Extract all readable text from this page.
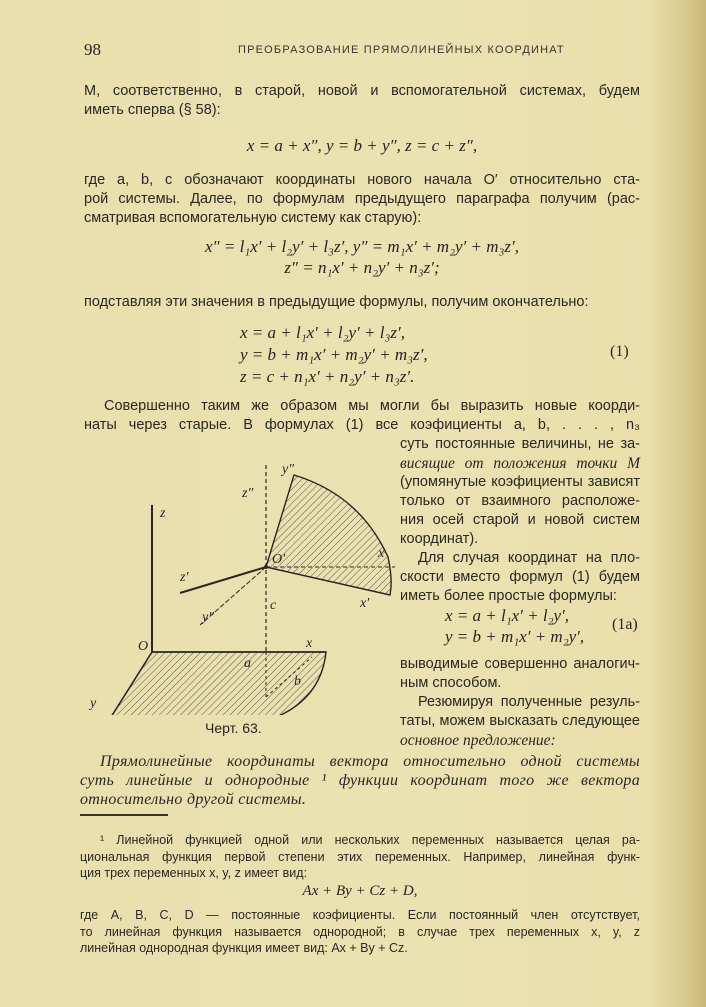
98	ПРЕОБРАЗОВАНИЕ ПРЯМОЛИНЕЙНЫХ КООРДИНАТ
M, соответственно, в старой, новой и вспомогательной системах, будем
иметь сперва (§ 58):
x = a + x″, y = b + y″, z = c + z″,
где a, b, c обозначают координаты нового начала O′ относительно ста-
рой системы. Далее, по формулам предыдущего параграфа получим (рас-
сматривая вспомогательную систему как старую):
x″ = l₁x′ + l₂y′ + l₃z′, y″ = m₁x′ + m₂y′ + m₃z′,
z″ = n₁x′ + n₂y′ + n₃z′;
подставляя эти значения в предыдущие формулы, получим окончательно:
x = a + l₁x′ + l₂y′ + l₃z′,
y = b + m₁x′ + m₂y′ + m₃z′,
z = c + n₁x′ + n₂y′ + n₃z′.
(1)
Совершенно таким же образом мы могли бы выразить новые коорди-
наты через старые. В формулах (1) все коэфициенты a, b, . . . , n₃
суть постоянные величины, не за-
висящие от положения точки M
(упомянутые коэфициенты зависят
только от взаимного расположе-
ния осей старой и новой систем
координат).
Для случая координат на пло-
скости вместо формул (1) будем
иметь более простые формулы:
x = a + l₁x′ + l₂y′,
y = b + m₁x′ + m₂y′,
(1a)
выводимые совершенно аналогич-
ным способом.
Резюмируя полученные резуль-
таты, можем высказать следующее
основное предложение:
z
z″
y″
O′	x
z′
x′
y″
c
O	x
a
b
y
Черт. 63.
Прямолинейные координаты вектора относительно одной системы
суть линейные и однородные ¹ функции координат того же вектора
относительно другой системы.
¹ Линейной функцией одной или нескольких переменных называется целая ра-
циональная функция первой степени этих переменных. Например, линейная функ-
ция трех переменных x, y, z имеет вид:
Ax + By + Cz + D,
где A, B, C, D — постоянные коэфициенты. Если постоянный член отсутствует,
то линейная функция называется однородной; в случае трех переменных x, y, z
линейная однородная функция имеет вид: Ax + By + Cz.
